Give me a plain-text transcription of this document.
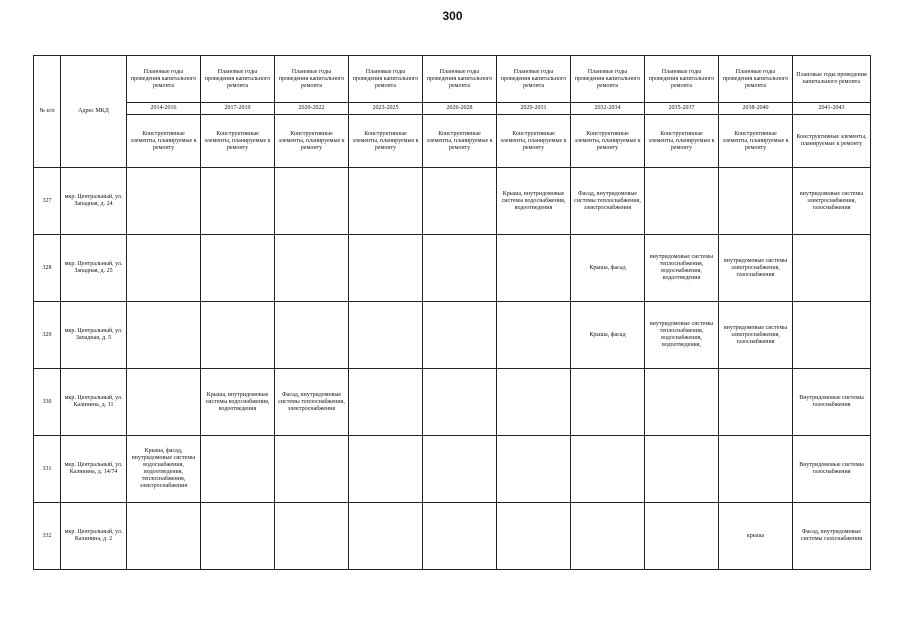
300
№ п/п	Адрес МКД	Плановые годы проведения капитального ремонта	Плановые годы проведения капитального ремонта	Плановые годы проведения капитального ремонта	Плановые годы проведения капитального ремонта	Плановые годы проведения капитального ремонта	Плановые годы проведения капитального ремонта	Плановые годы проведения капитального ремонта	Плановые годы проведения капитального ремонта	Плановые годы проведения капитального ремонта	Плановые годы проведения капитального ремонта
		2014-2016	2017-2019	2020-2022	2023-2025	2026-2028	2029-2031	2032-2034	2035-2037	2038-2040	2041-2043
		Конструктивные элементы, планируемые к ремонту	Конструктивные элементы, планируемые к ремонту	Конструктивные элементы, планируемые к ремонту	Конструктивные элементы, планируемые к ремонту	Конструктивные элементы, планируемые к ремонту	Конструктивные элементы, планируемые к ремонту	Конструктивные элементы, планируемые к ремонту	Конструктивные элементы, планируемые к ремонту	Конструктивные элементы, планируемые к ремонту	Конструктивные элементы, планируемые к ремонту
327	мкр. Центральный, ул. Западная, д. 24						Крыша, внутридомовые системы водоснабжения, водоотведения	Фасад, внутридомовые системы теплоснабжения, электроснабжения			внутридомовые системы электроснабжения, газоснабжения
328	мкр. Центральный, ул. Западная, д. 25							Крыша, фасад	внутридомовые системы теплоснабжения, водоснабжения, водоотведения	внутридомовые системы электроснабжения, газоснабжения	
329	мкр. Центральный, ул. Западная, д. 5							Крыша, фасад	внутридомовые системы теплоснабжения, водоснабжения, водоотведения,	внутридомовые системы электроснабжения, газоснабжения	
330	мкр. Центральный, ул. Калинина, д. 11		Крыша, внутридомовые системы водоснабжения, водоотведения	Фасад, внутридомовые системы теплоснабжения, электроснабжения							Внутридомовые системы газоснабжения
331	мкр. Центральный, ул. Калинина, д. 14/74	Крыша, фасад, внутридомовые системы водоснабжения, водоотведения, теплоснабжения, электроснабжения									Внутридомовые системы газоснабжения
332	мкр. Центральный, ул. Калинина, д. 2									крыша	Фасад, внутридомовые системы газоснабжения
